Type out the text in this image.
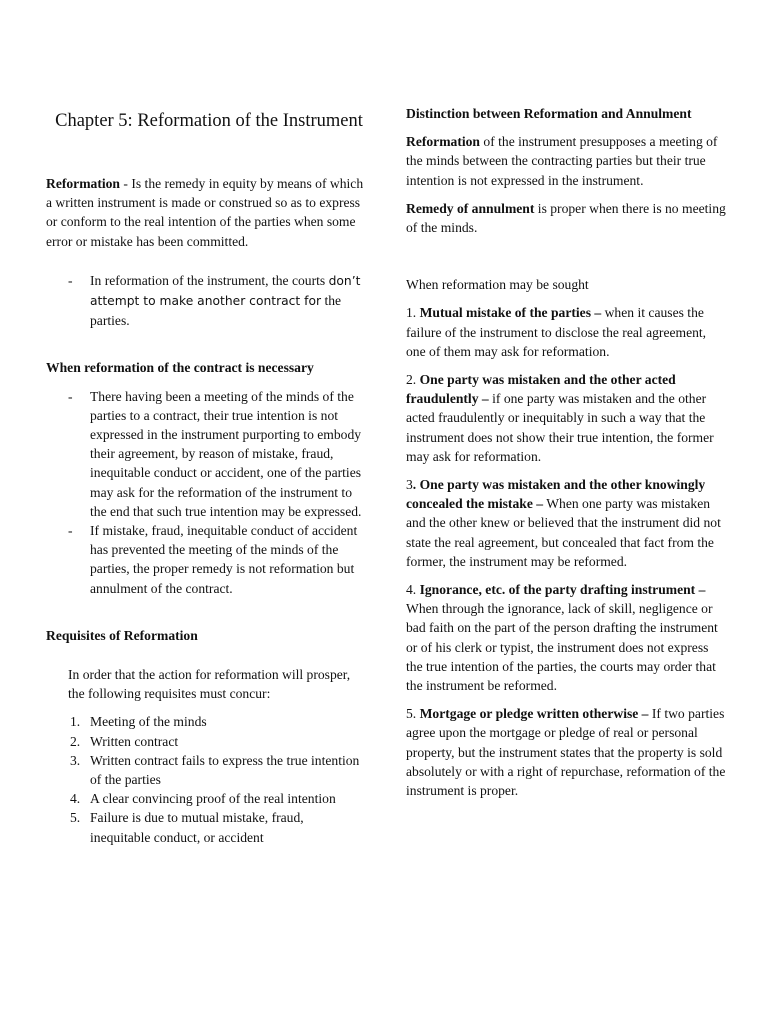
Chapter 5: Reformation of the Instrument

Reformation - Is the remedy in equity by means of which a written instrument is made or construed so as to express or conform to the real intention of the parties when some error or mistake has been committed.

- In reformation of the instrument, the courts don’t attempt to make another contract for the parties.

When reformation of the contract is necessary

- There having been a meeting of the minds of the parties to a contract, their true intention is not expressed in the instrument purporting to embody their agreement, by reason of mistake, fraud, inequitable conduct or accident, one of the parties may ask for the reformation of the instrument to the end that such true intention may be expressed.
- If mistake, fraud, inequitable conduct of accident has prevented the meeting of the minds of the parties, the proper remedy is not reformation but annulment of the contract.

Requisites of Reformation

In order that the action for reformation will prosper, the following requisites must concur:

1. Meeting of the minds
2. Written contract
3. Written contract fails to express the true intention of the parties
4. A clear convincing proof of the real intention
5. Failure is due to mutual mistake, fraud, inequitable conduct, or accident

Distinction between Reformation and Annulment

Reformation of the instrument presupposes a meeting of the minds between the contracting parties but their true intention is not expressed in the instrument.

Remedy of annulment is proper when there is no meeting of the minds.

When reformation may be sought

1. Mutual mistake of the parties – when it causes the failure of the instrument to disclose the real agreement, one of them may ask for reformation.

2. One party was mistaken and the other acted fraudulently – if one party was mistaken and the other acted fraudulently or inequitably in such a way that the instrument does not show their true intention, the former may ask for reformation.

3. One party was mistaken and the other knowingly concealed the mistake – When one party was mistaken and the other knew or believed that the instrument did not state the real agreement, but concealed that fact from the former, the instrument may be reformed.

4. Ignorance, etc. of the party drafting instrument – When through the ignorance, lack of skill, negligence or bad faith on the part of the person drafting the instrument or of his clerk or typist, the instrument does not express the true intention of the parties, the courts may order that the instrument be reformed.

5. Mortgage or pledge written otherwise – If two parties agree upon the mortgage or pledge of real or personal property, but the instrument states that the property is sold absolutely or with a right of repurchase, reformation of the instrument is proper.
